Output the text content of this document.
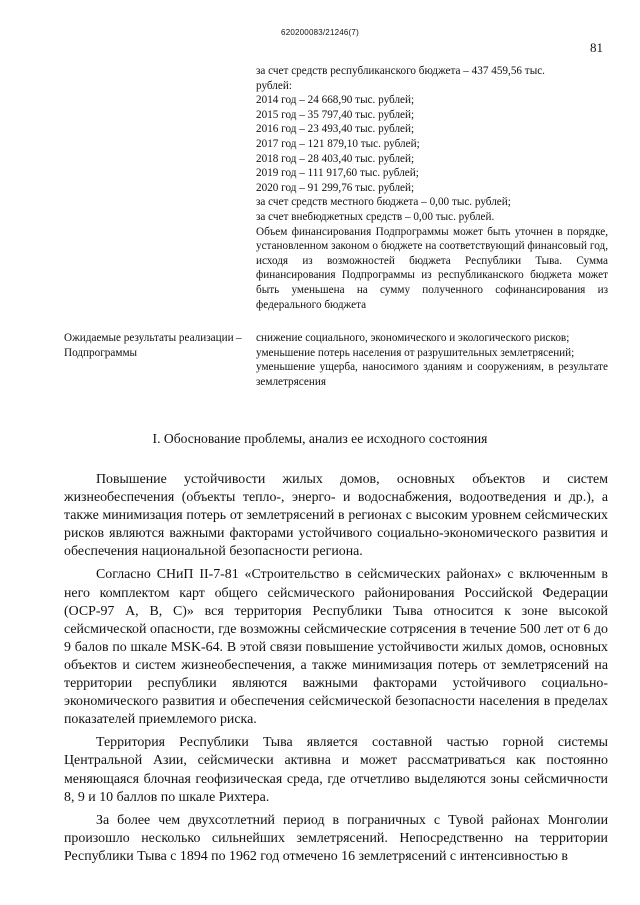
620200083/21246(7)
81
за счет средств республиканского бюджета – 437 459,56 тыс.
рублей:
2014 год – 24 668,90 тыс. рублей;
2015 год – 35 797,40 тыс. рублей;
2016 год – 23 493,40 тыс. рублей;
2017 год – 121 879,10 тыс. рублей;
2018 год – 28 403,40 тыс. рублей;
2019 год – 111 917,60 тыс. рублей;
2020 год – 91 299,76 тыс. рублей;
за счет средств местного бюджета – 0,00 тыс. рублей;
за счет внебюджетных средств – 0,00 тыс. рублей.
Объем финансирования Подпрограммы может быть уточнен в порядке, установленном законом о бюджете на соответствующий финансовый год, исходя из возможностей бюджета Республики Тыва. Сумма финансирования Подпрограммы из республиканского бюджета может быть уменьшена на сумму полученного софинансирования из федерального бюджета
Ожидаемые результаты реализации Подпрограммы
– снижение социального, экономического и экологического рисков;
уменьшение потерь населения от разрушительных землетрясений;
уменьшение ущерба, наносимого зданиям и сооружениям, в результате землетрясения
I. Обоснование проблемы, анализ ее исходного состояния

Повышение устойчивости жилых домов, основных объектов и систем жизнеобеспечения (объекты тепло-, энерго- и водоснабжения, водоотведения и др.), а также минимизация потерь от землетрясений в регионах с высоким уровнем сейсмических рисков являются важными факторами устойчивого социально-экономического развития и обеспечения национальной безопасности региона.

Согласно СНиП II-7-81 «Строительство в сейсмических районах» с включенным в него комплектом карт общего сейсмического районирования Российской Федерации (ОСР-97 А, В, С)» вся территория Республики Тыва относится к зоне высокой сейсмической опасности, где возможны сейсмические сотрясения в течение 500 лет от 6 до 9 балов по шкале MSK-64. В этой связи повышение устойчивости жилых домов, основных объектов и систем жизнеобеспечения, а также минимизация потерь от землетрясений на территории республики являются важными факторами устойчивого социально-экономического развития и обеспечения сейсмической безопасности населения в пределах показателей приемлемого риска.

Территория Республики Тыва является составной частью горной системы Центральной Азии, сейсмически активна и может рассматриваться как постоянно меняющаяся блочная геофизическая среда, где отчетливо выделяются зоны сейсмичности 8, 9 и 10 баллов по шкале Рихтера.

За более чем двухсотлетний период в пограничных с Тувой районах Монголии произошло несколько сильнейших землетрясений. Непосредственно на территории Республики Тыва с 1894 по 1962 год отмечено 16 землетрясений с интенсивностью в
